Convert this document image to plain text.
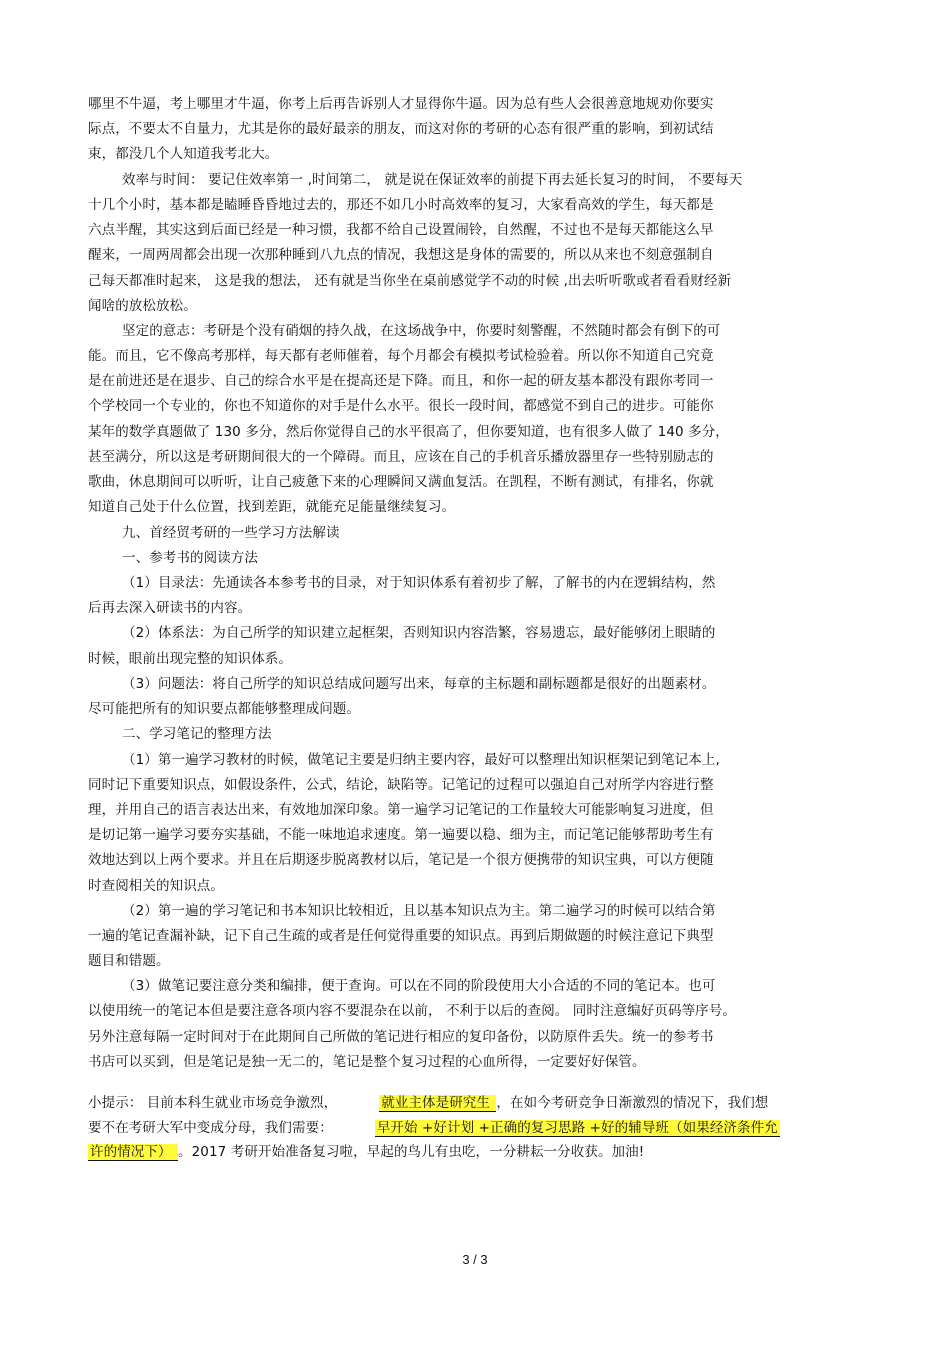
哪里不牛逼，考上哪里才牛逼，你考上后再告诉别人才显得你牛逼。因为总有些人会很善意地规劝你要实
际点，不要太不自量力，尤其是你的最好最亲的朋友，而这对你的考研的心态有很严重的影响，到初试结
束，都没几个人知道我考北大。
效率与时间： 要记住效率第一 ,时间第二， 就是说在保证效率的前提下再去延长复习的时间， 不要每天
十几个小时，基本都是瞌睡昏昏地过去的，那还不如几小时高效率的复习，大家看高效的学生，每天都是
六点半醒，其实这到后面已经是一种习惯，我都不给自己设置闹铃，自然醒，不过也不是每天都能这么早
醒来，一周两周都会出现一次那种睡到八九点的情况，我想这是身体的需要的，所以从来也不刻意强制自
己每天都准时起来， 这是我的想法， 还有就是当你坐在桌前感觉学不动的时候 ,出去听听歌或者看看财经新
闻啥的放松放松。
坚定的意志：考研是个没有硝烟的持久战，在这场战争中，你要时刻警醒，不然随时都会有倒下的可
能。而且，它不像高考那样，每天都有老师催着，每个月都会有模拟考试检验着。所以你不知道自己究竟
是在前进还是在退步、自己的综合水平是在提高还是下降。而且，和你一起的研友基本都没有跟你考同一
个学校同一个专业的，你也不知道你的对手是什么水平。很长一段时间，都感觉不到自己的进步。可能你
某年的数学真题做了 130 多分，然后你觉得自己的水平很高了，但你要知道，也有很多人做了 140 多分，
甚至满分，所以这是考研期间很大的一个障碍。而且，应该在自己的手机音乐播放器里存一些特别励志的
歌曲，休息期间可以听听，让自己疲惫下来的心理瞬间又满血复活。在凯程，不断有测试，有排名，你就
知道自己处于什么位置，找到差距，就能充足能量继续复习。
九、首经贸考研的一些学习方法解读
一、参考书的阅读方法
（1）目录法：先通读各本参考书的目录，对于知识体系有着初步了解，了解书的内在逻辑结构，然
后再去深入研读书的内容。
（2）体系法：为自己所学的知识建立起框架，否则知识内容浩繁，容易遗忘，最好能够闭上眼睛的
时候，眼前出现完整的知识体系。
（3）问题法：将自己所学的知识总结成问题写出来，每章的主标题和副标题都是很好的出题素材。
尽可能把所有的知识要点都能够整理成问题。
二、学习笔记的整理方法
（1）第一遍学习教材的时候，做笔记主要是归纳主要内容，最好可以整理出知识框架记到笔记本上,
同时记下重要知识点，如假设条件，公式，结论，缺陷等。记笔记的过程可以强迫自己对所学内容进行整
理，并用自己的语言表达出来，有效地加深印象。第一遍学习记笔记的工作量较大可能影响复习进度，但
是切记第一遍学习要夯实基础，不能一味地追求速度。第一遍要以稳、细为主，而记笔记能够帮助考生有
效地达到以上两个要求。并且在后期逐步脱离教材以后，笔记是一个很方便携带的知识宝典，可以方便随
时查阅相关的知识点。
（2）第一遍的学习笔记和书本知识比较相近，且以基本知识点为主。第二遍学习的时候可以结合第
一遍的笔记查漏补缺，记下自己生疏的或者是任何觉得重要的知识点。再到后期做题的时候注意记下典型
题目和错题。
（3）做笔记要注意分类和编排，便于查询。可以在不同的阶段使用大小合适的不同的笔记本。也可
以使用统一的笔记本但是要注意各项内容不要混杂在以前， 不利于以后的查阅。 同时注意编好页码等序号。
另外注意每隔一定时间对于在此期间自己所做的笔记进行相应的复印备份，以防原件丢失。统一的参考书
书店可以买到，但是笔记是独一无二的，笔记是整个复习过程的心血所得，一定要好好保管。
小提示： 目前本科生就业市场竞争激烈，	就业主体是研究生 ，在如今考研竞争日渐激烈的情况下，我们想
要不在考研大军中变成分母，我们需要：	早开始 +好计划 +正确的复习思路 +好的辅导班（如果经济条件允
许的情况下） 。2017 考研开始准备复习啦，早起的鸟儿有虫吃，一分耕耘一分收获。加油!
3 / 3
